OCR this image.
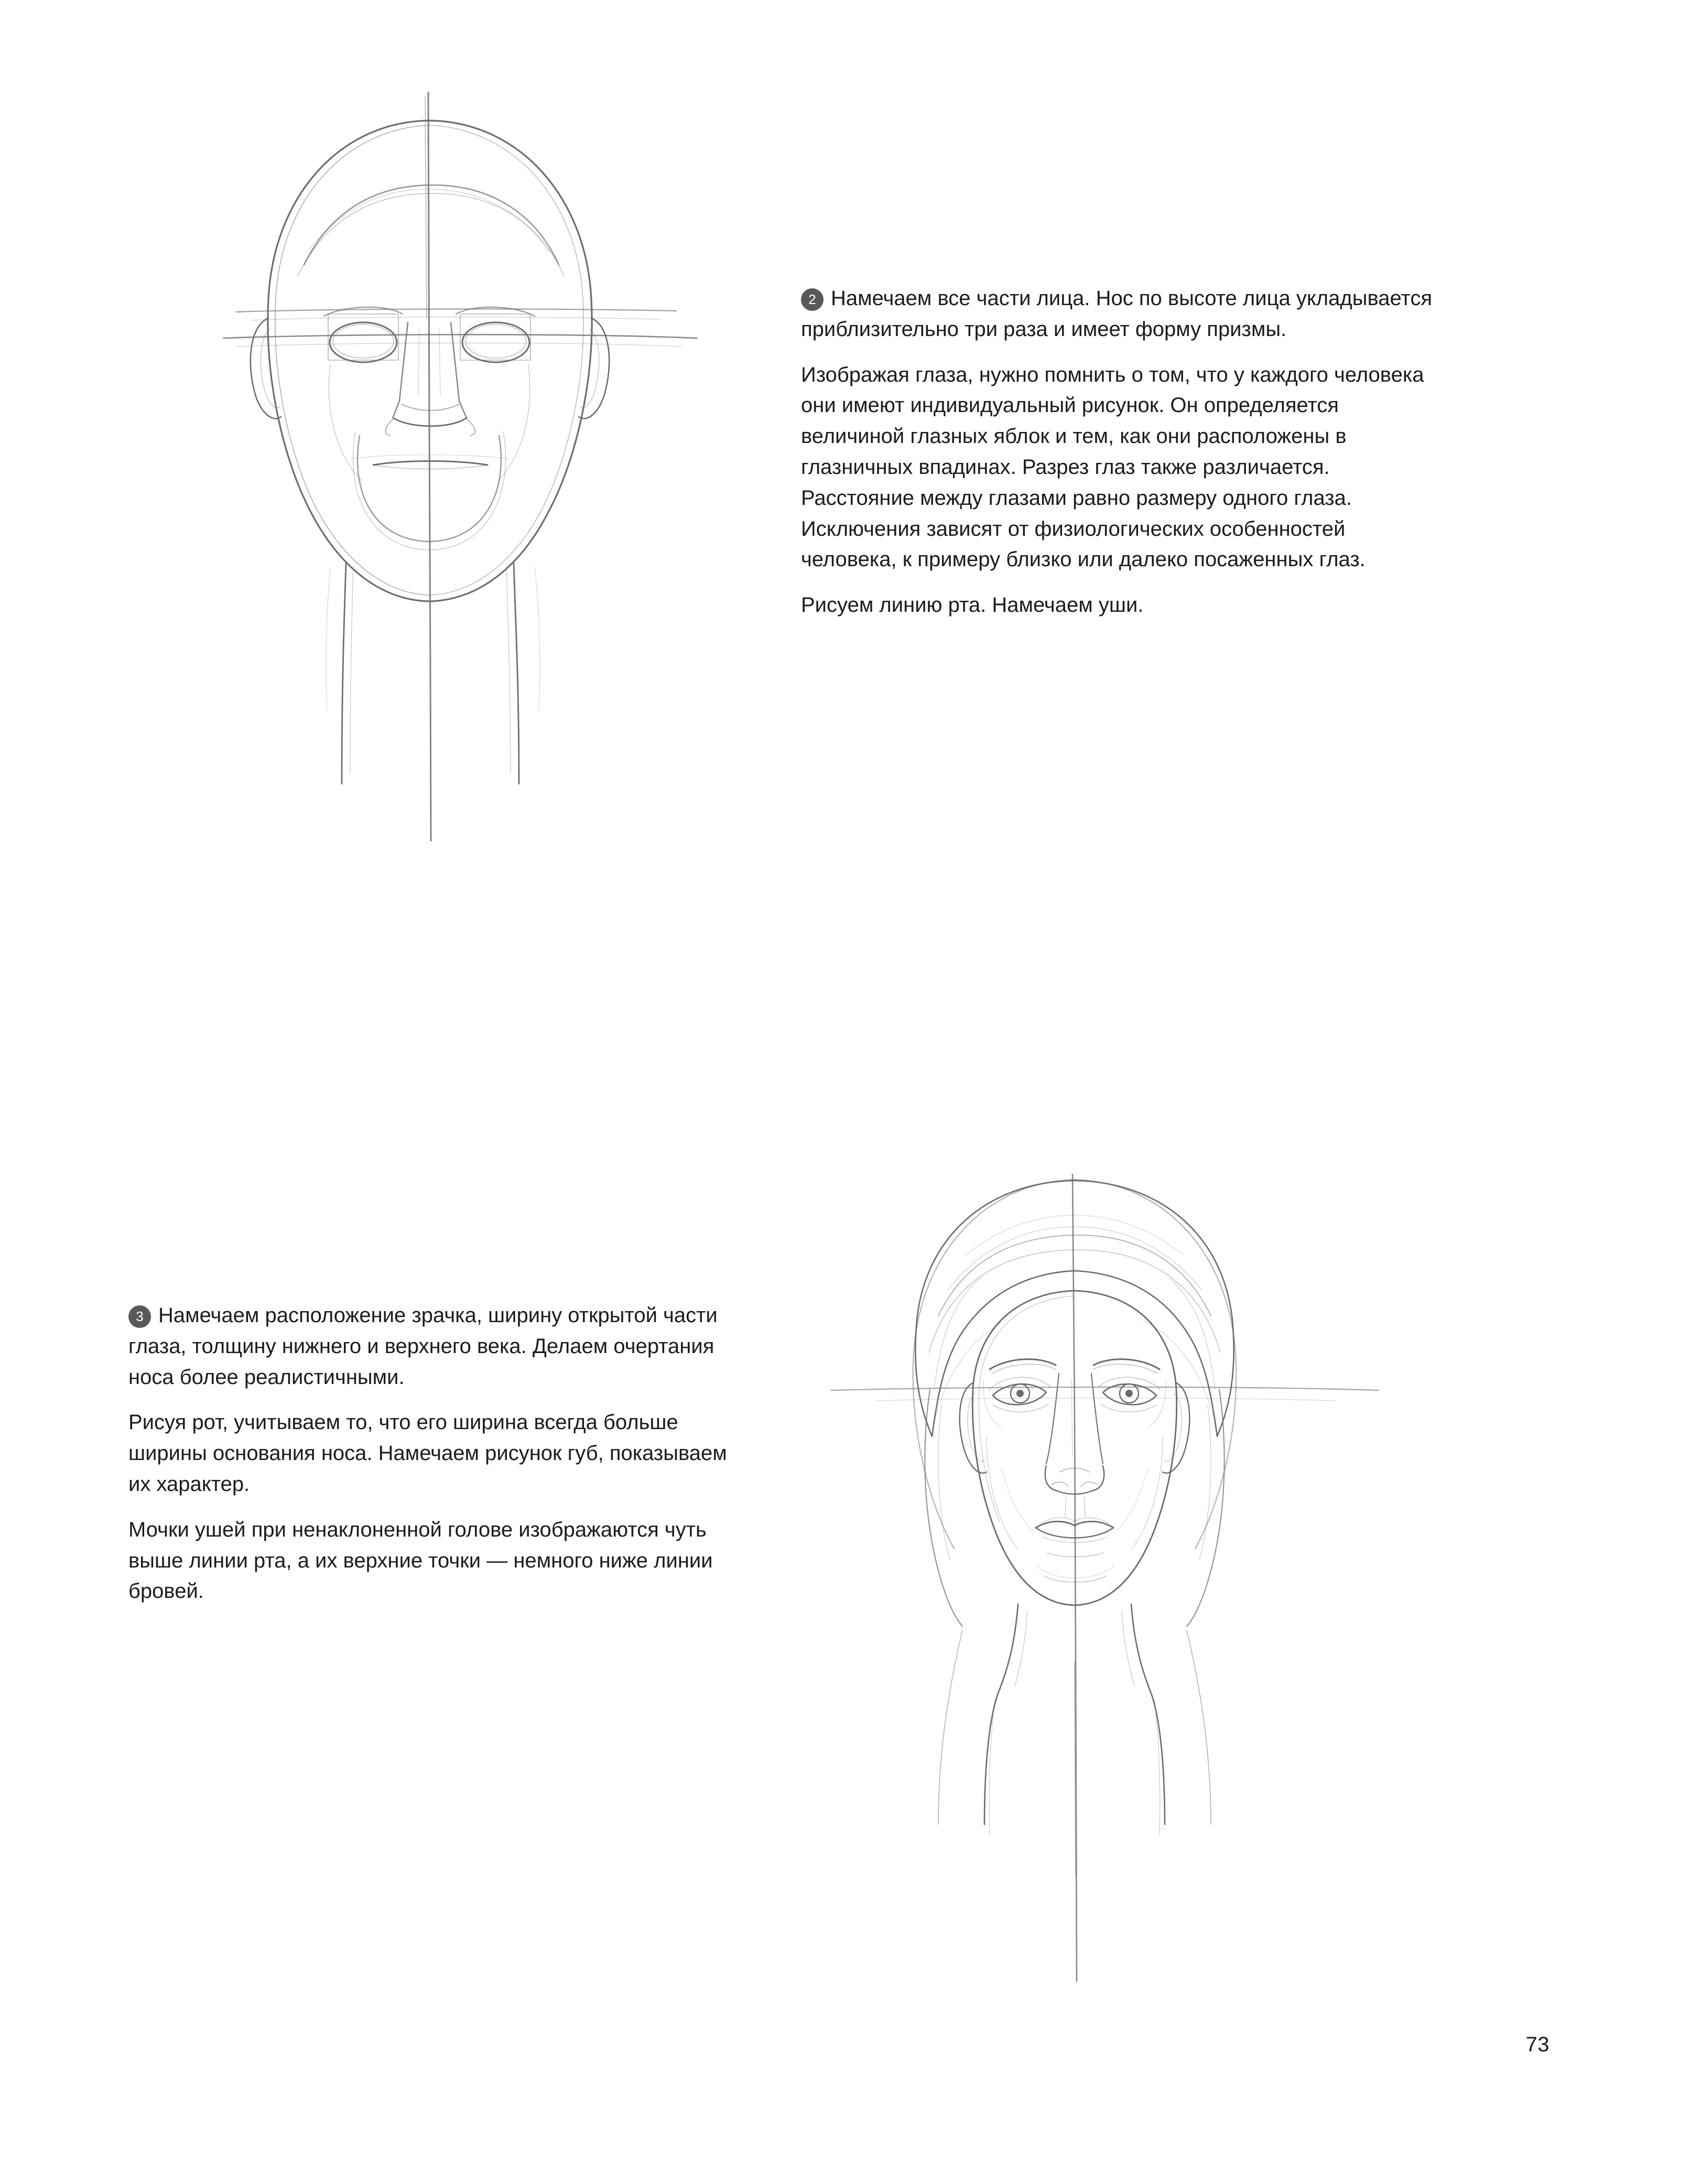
2 Намечаем все части лица. Нос по высоте лица укладывается приблизительно три раза и имеет форму призмы.

Изображая глаза, нужно помнить о том, что у каждого человека они имеют индивидуальный рисунок. Он определяется величиной глазных яблок и тем, как они расположены в глазничных впадинах. Разрез глаз также различается. Расстояние между глазами равно размеру одного глаза. Исключения зависят от физиологических особенностей человека, к примеру близко или далеко посаженных глаз.

Рисуем линию рта. Намечаем уши.

3 Намечаем расположение зрачка, ширину открытой части глаза, толщину нижнего и верхнего века. Делаем очертания носа более реалистичными.

Рисуя рот, учитываем то, что его ширина всегда больше ширины основания носа. Намечаем рисунок губ, показываем их характер.

Мочки ушей при ненаклоненной голове изображаются чуть выше линии рта, а их верхние точки — немного ниже линии бровей.

73
